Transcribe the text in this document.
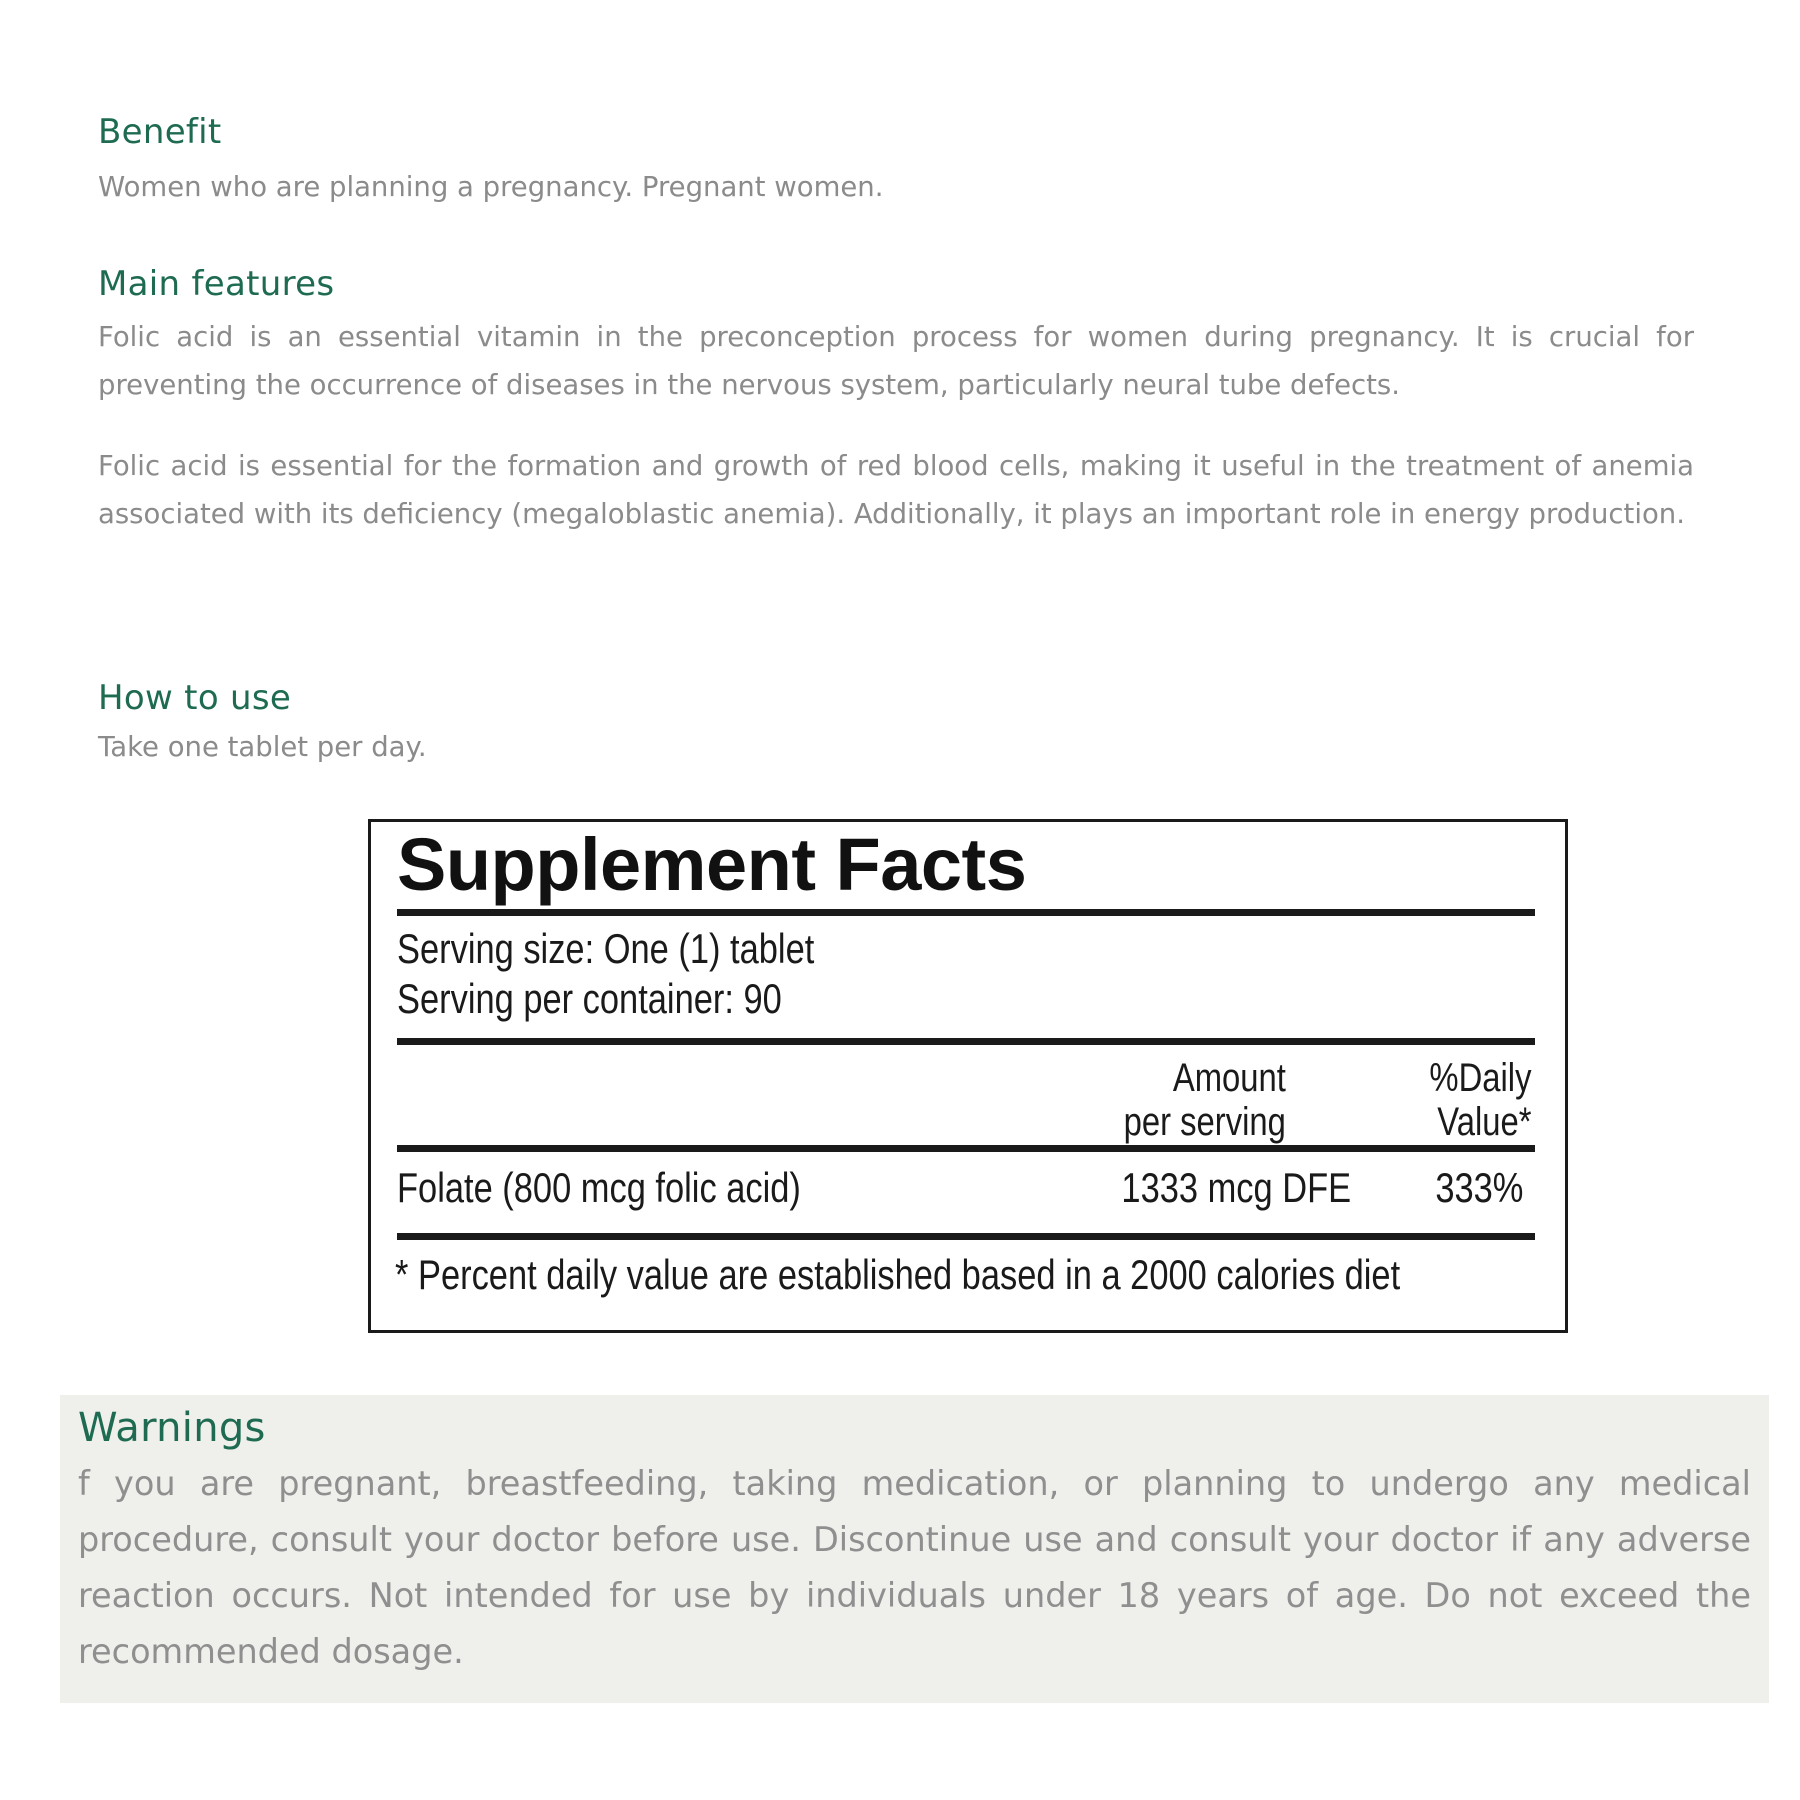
Benefit

Women who are planning a pregnancy. Pregnant women.

Main features

Folic acid is an essential vitamin in the preconception process for women during pregnancy. It is crucial for preventing the occurrence of diseases in the nervous system, particularly neural tube defects.

Folic acid is essential for the formation and growth of red blood cells, making it useful in the treatment of anemia associated with its deficiency (megaloblastic anemia). Additionally, it plays an important role in energy production.

How to use

Take one tablet per day.

Supplement Facts
Serving size: One (1) tablet
Serving per container: 90
Amount
per serving
%Daily
Value*
Folate (800 mcg folic acid)	1333 mcg DFE 333%
* Percent daily value are established based in a 2000 calories diet
Warnings

f you are pregnant, breastfeeding, taking medication, or planning to undergo any medical procedure, consult your doctor before use. Discontinue use and consult your doctor if any adverse reaction occurs. Not intended for use by individuals under 18 years of age. Do not exceed the recommended dosage.
